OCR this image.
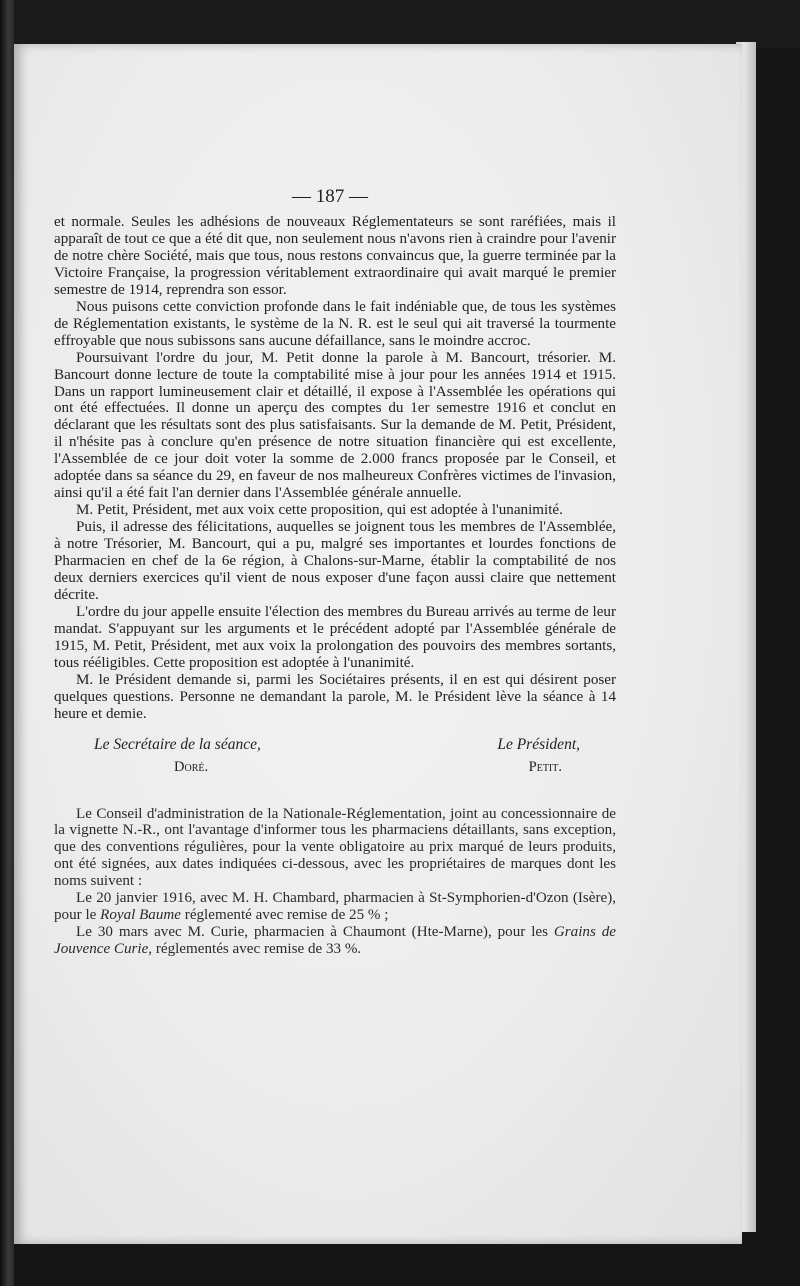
— 187 —

et normale. Seules les adhésions de nouveaux Réglementateurs se sont raréfiées, mais il apparaît de tout ce que a été dit que, non seulement nous n'avons rien à craindre pour l'avenir de notre chère Société, mais que tous, nous restons convaincus que, la guerre terminée par la Victoire Française, la progression véritablement extraordinaire qui avait marqué le premier semestre de 1914, reprendra son essor.

Nous puisons cette conviction profonde dans le fait indéniable que, de tous les systèmes de Réglementation existants, le système de la N. R. est le seul qui ait traversé la tourmente effroyable que nous subissons sans aucune défaillance, sans le moindre accroc.

Poursuivant l'ordre du jour, M. Petit donne la parole à M. Bancourt, trésorier. M. Bancourt donne lecture de toute la comptabilité mise à jour pour les années 1914 et 1915. Dans un rapport lumineusement clair et détaillé, il expose à l'Assemblée les opérations qui ont été effectuées. Il donne un aperçu des comptes du 1er semestre 1916 et conclut en déclarant que les résultats sont des plus satisfaisants. Sur la demande de M. Petit, Président, il n'hésite pas à conclure qu'en présence de notre situation financière qui est excellente, l'Assemblée de ce jour doit voter la somme de 2.000 francs proposée par le Conseil, et adoptée dans sa séance du 29, en faveur de nos malheureux Confrères victimes de l'invasion, ainsi qu'il a été fait l'an dernier dans l'Assemblée générale annuelle.

M. Petit, Président, met aux voix cette proposition, qui est adoptée à l'unanimité.

Puis, il adresse des félicitations, auquelles se joignent tous les membres de l'Assemblée, à notre Trésorier, M. Bancourt, qui a pu, malgré ses importantes et lourdes fonctions de Pharmacien en chef de la 6e région, à Chalons-sur-Marne, établir la comptabilité de nos deux derniers exercices qu'il vient de nous exposer d'une façon aussi claire que nettement décrite.

L'ordre du jour appelle ensuite l'élection des membres du Bureau arrivés au terme de leur mandat. S'appuyant sur les arguments et le précédent adopté par l'Assemblée générale de 1915, M. Petit, Président, met aux voix la prolongation des pouvoirs des membres sortants, tous rééligibles. Cette proposition est adoptée à l'unanimité.

M. le Président demande si, parmi les Sociétaires présents, il en est qui désirent poser quelques questions. Personne ne demandant la parole, M. le Président lève la séance à 14 heure et demie.

Le Secrétaire de la séance,	Le Président,
Doré.	Petit.

Le Conseil d'administration de la Nationale-Réglementation, joint au concessionnaire de la vignette N.-R., ont l'avantage d'informer tous les pharmaciens détaillants, sans exception, que des conventions régulières, pour la vente obligatoire au prix marqué de leurs produits, ont été signées, aux dates indiquées ci-dessous, avec les propriétaires de marques dont les noms suivent :

Le 20 janvier 1916, avec M. H. Chambard, pharmacien à St-Symphorien-d'Ozon (Isère), pour le Royal Baume réglementé avec remise de 25 % ;

Le 30 mars avec M. Curie, pharmacien à Chaumont (Hte-Marne), pour les Grains de Jouvence Curie, réglementés avec remise de 33 %.
